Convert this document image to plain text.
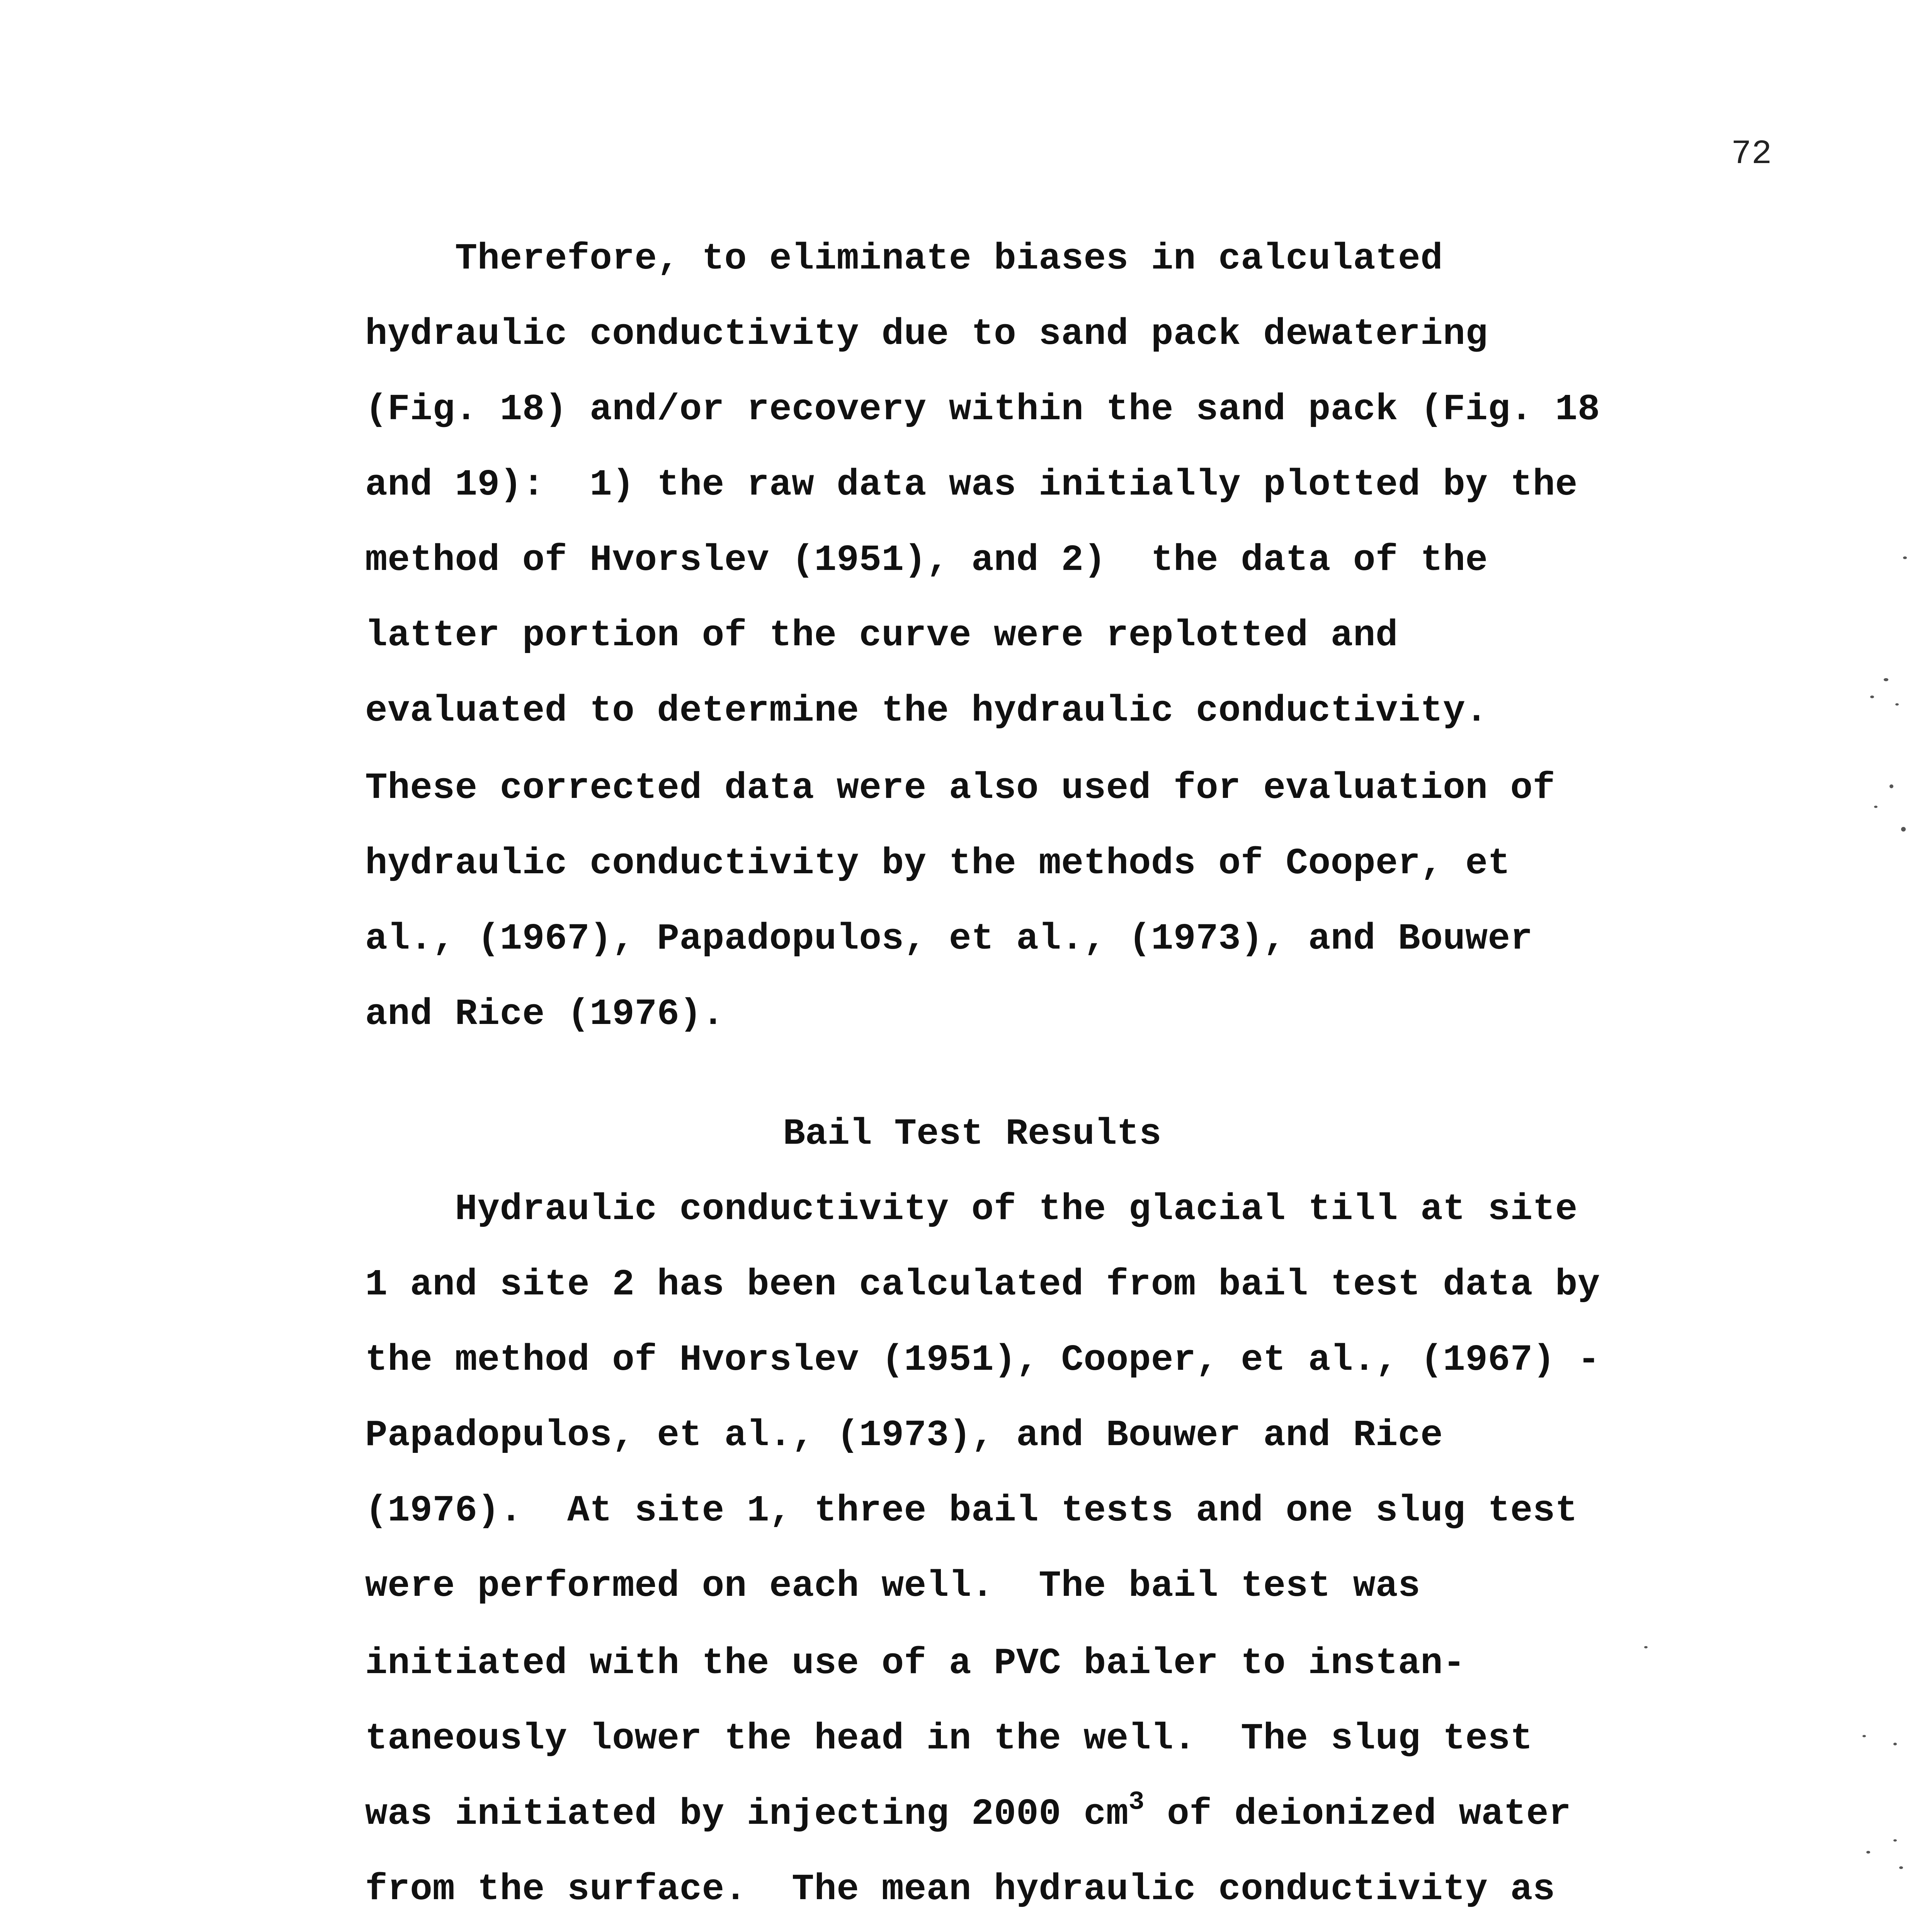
72
Therefore, to eliminate biases in calculated
hydraulic conductivity due to sand pack dewatering
(Fig. 18) and/or recovery within the sand pack (Fig. 18
and 19):  1) the raw data was initially plotted by the
method of Hvorslev (1951), and 2)  the data of the
latter portion of the curve were replotted and
evaluated to determine the hydraulic conductivity.
These corrected data were also used for evaluation of
hydraulic conductivity by the methods of Cooper, et
al., (1967), Papadopulos, et al., (1973), and Bouwer
and Rice (1976).
Bail Test Results
Hydraulic conductivity of the glacial till at site
1 and site 2 has been calculated from bail test data by
the method of Hvorslev (1951), Cooper, et al., (1967) -
Papadopulos, et al., (1973), and Bouwer and Rice
(1976).  At site 1, three bail tests and one slug test
were performed on each well.  The bail test was
initiated with the use of a PVC bailer to instan-
taneously lower the head in the well.  The slug test
was initiated by injecting 2000 $cm^3$ of deionized water
from the surface.  The mean hydraulic conductivity as
